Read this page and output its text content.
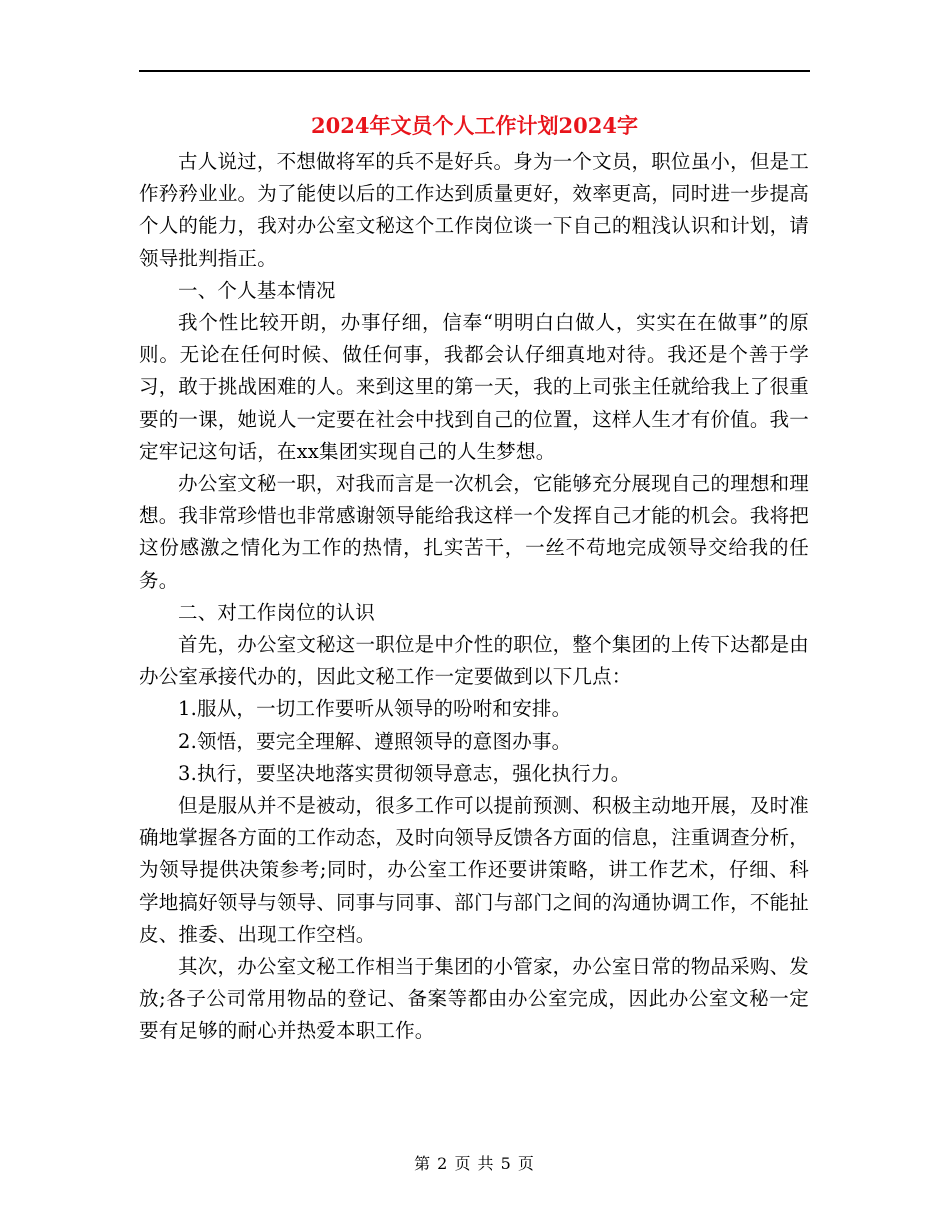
2024年文员个人工作计划2024字

古人说过，不想做将军的兵不是好兵。身为一个文员，职位虽小，但是工作矜矜业业。为了能使以后的工作达到质量更好，效率更高，同时进一步提高个人的能力，我对办公室文秘这个工作岗位谈一下自己的粗浅认识和计划，请领导批判指正。

一、个人基本情况

我个性比较开朗，办事仔细，信奉“明明白白做人，实实在在做事”的原则。无论在任何时候、做任何事，我都会认仔细真地对待。我还是个善于学习，敢于挑战困难的人。来到这里的第一天，我的上司张主任就给我上了很重要的一课，她说人一定要在社会中找到自己的位置，这样人生才有价值。我一定牢记这句话，在xx集团实现自己的人生梦想。

办公室文秘一职，对我而言是一次机会，它能够充分展现自己的理想和理想。我非常珍惜也非常感谢领导能给我这样一个发挥自己才能的机会。我将把这份感激之情化为工作的热情，扎实苦干，一丝不苟地完成领导交给我的任务。

二、对工作岗位的认识

首先，办公室文秘这一职位是中介性的职位，整个集团的上传下达都是由办公室承接代办的，因此文秘工作一定要做到以下几点：

1.服从，一切工作要听从领导的吩咐和安排。

2.领悟，要完全理解、遵照领导的意图办事。

3.执行，要坚决地落实贯彻领导意志，强化执行力。

但是服从并不是被动，很多工作可以提前预测、积极主动地开展，及时准确地掌握各方面的工作动态，及时向领导反馈各方面的信息，注重调查分析，为领导提供决策参考;同时，办公室工作还要讲策略，讲工作艺术，仔细、科学地搞好领导与领导、同事与同事、部门与部门之间的沟通协调工作，不能扯皮、推委、出现工作空档。

其次，办公室文秘工作相当于集团的小管家，办公室日常的物品采购、发放;各子公司常用物品的登记、备案等都由办公室完成，因此办公室文秘一定要有足够的耐心并热爱本职工作。

第 2 页 共 5 页
